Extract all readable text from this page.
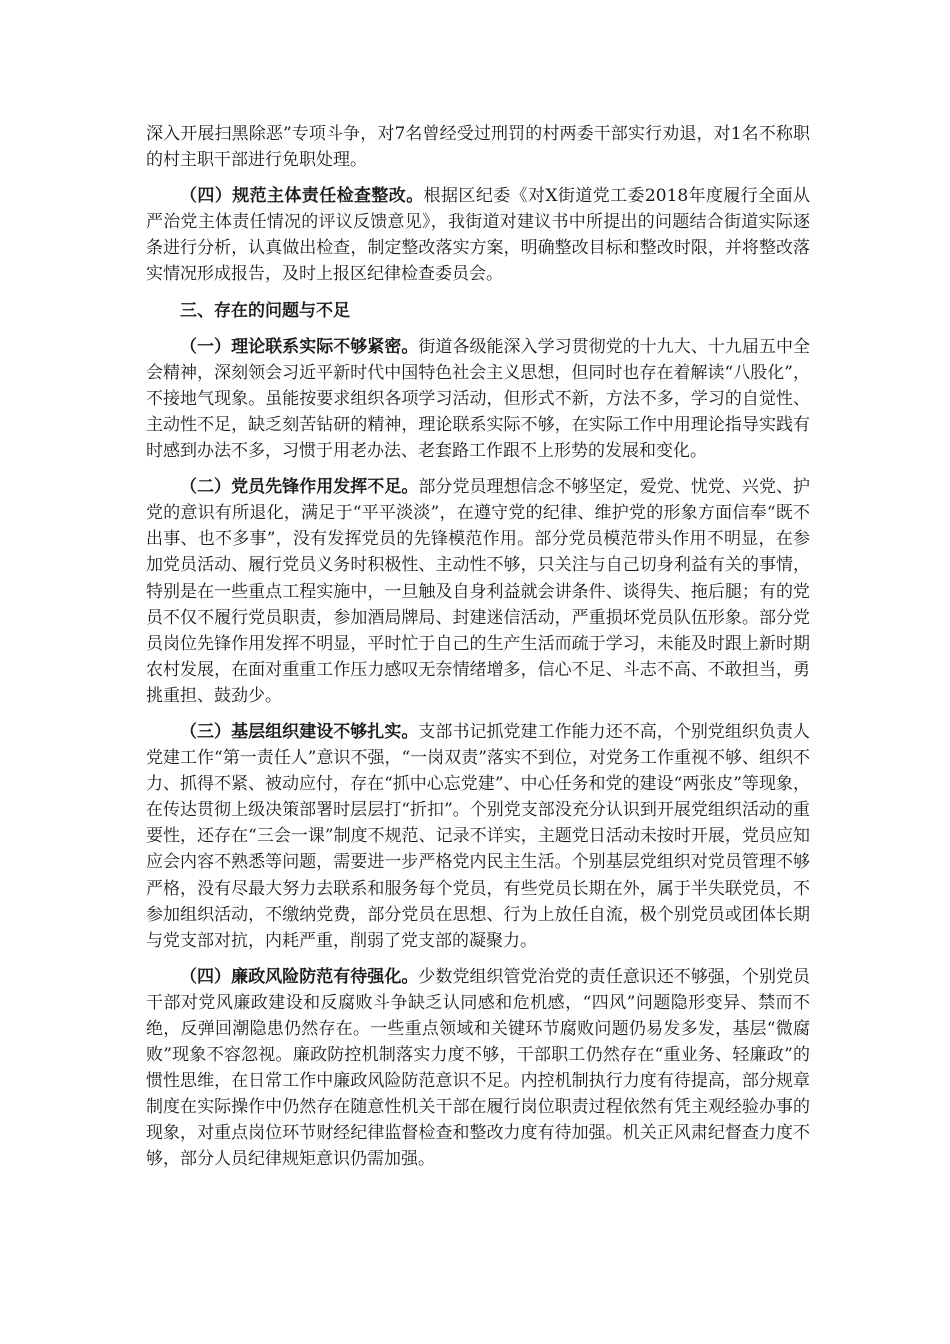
深入开展扫黑除恶”专项斗争，对7名曾经受过刑罚的村两委干部实行劝退，对1名不称职的村主职干部进行免职处理。

（四）规范主体责任检查整改。根据区纪委《对X街道党工委2018年度履行全面从严治党主体责任情况的评议反馈意见》，我街道对建议书中所提出的问题结合街道实际逐条进行分析，认真做出检查，制定整改落实方案，明确整改目标和整改时限，并将整改落实情况形成报告，及时上报区纪律检查委员会。

三、存在的问题与不足

（一）理论联系实际不够紧密。街道各级能深入学习贯彻党的十九大、十九届五中全会精神，深刻领会习近平新时代中国特色社会主义思想，但同时也存在着解读“八股化”，不接地气现象。虽能按要求组织各项学习活动，但形式不新，方法不多，学习的自觉性、主动性不足，缺乏刻苦钻研的精神，理论联系实际不够，在实际工作中用理论指导实践有时感到办法不多，习惯于用老办法、老套路工作跟不上形势的发展和变化。

（二）党员先锋作用发挥不足。部分党员理想信念不够坚定，爱党、忧党、兴党、护党的意识有所退化，满足于“平平淡淡”，在遵守党的纪律、维护党的形象方面信奉“既不出事、也不多事”，没有发挥党员的先锋模范作用。部分党员模范带头作用不明显，在参加党员活动、履行党员义务时积极性、主动性不够，只关注与自己切身利益有关的事情，特别是在一些重点工程实施中，一旦触及自身利益就会讲条件、谈得失、拖后腿；有的党员不仅不履行党员职责，参加酒局牌局、封建迷信活动，严重损坏党员队伍形象。部分党员岗位先锋作用发挥不明显，平时忙于自己的生产生活而疏于学习，未能及时跟上新时期农村发展，在面对重重工作压力感叹无奈情绪增多，信心不足、斗志不高、不敢担当，勇挑重担、鼓劲少。

（三）基层组织建设不够扎实。支部书记抓党建工作能力还不高，个别党组织负责人党建工作“第一责任人”意识不强，“一岗双责”落实不到位，对党务工作重视不够、组织不力、抓得不紧、被动应付，存在“抓中心忘党建”、中心任务和党的建设“两张皮”等现象，在传达贯彻上级决策部署时层层打“折扣”。个别党支部没充分认识到开展党组织活动的重要性，还存在“三会一课”制度不规范、记录不详实，主题党日活动未按时开展，党员应知应会内容不熟悉等问题，需要进一步严格党内民主生活。个别基层党组织对党员管理不够严格，没有尽最大努力去联系和服务每个党员，有些党员长期在外，属于半失联党员，不参加组织活动，不缴纳党费，部分党员在思想、行为上放任自流，极个别党员或团体长期与党支部对抗，内耗严重，削弱了党支部的凝聚力。

（四）廉政风险防范有待强化。少数党组织管党治党的责任意识还不够强，个别党员干部对党风廉政建设和反腐败斗争缺乏认同感和危机感，“四风”问题隐形变异、禁而不绝，反弹回潮隐患仍然存在。一些重点领域和关键环节腐败问题仍易发多发，基层“微腐败”现象不容忽视。廉政防控机制落实力度不够，干部职工仍然存在“重业务、轻廉政”的惯性思维，在日常工作中廉政风险防范意识不足。内控机制执行力度有待提高，部分规章制度在实际操作中仍然存在随意性机关干部在履行岗位职责过程依然有凭主观经验办事的现象，对重点岗位环节财经纪律监督检查和整改力度有待加强。机关正风肃纪督查力度不够，部分人员纪律规矩意识仍需加强。
